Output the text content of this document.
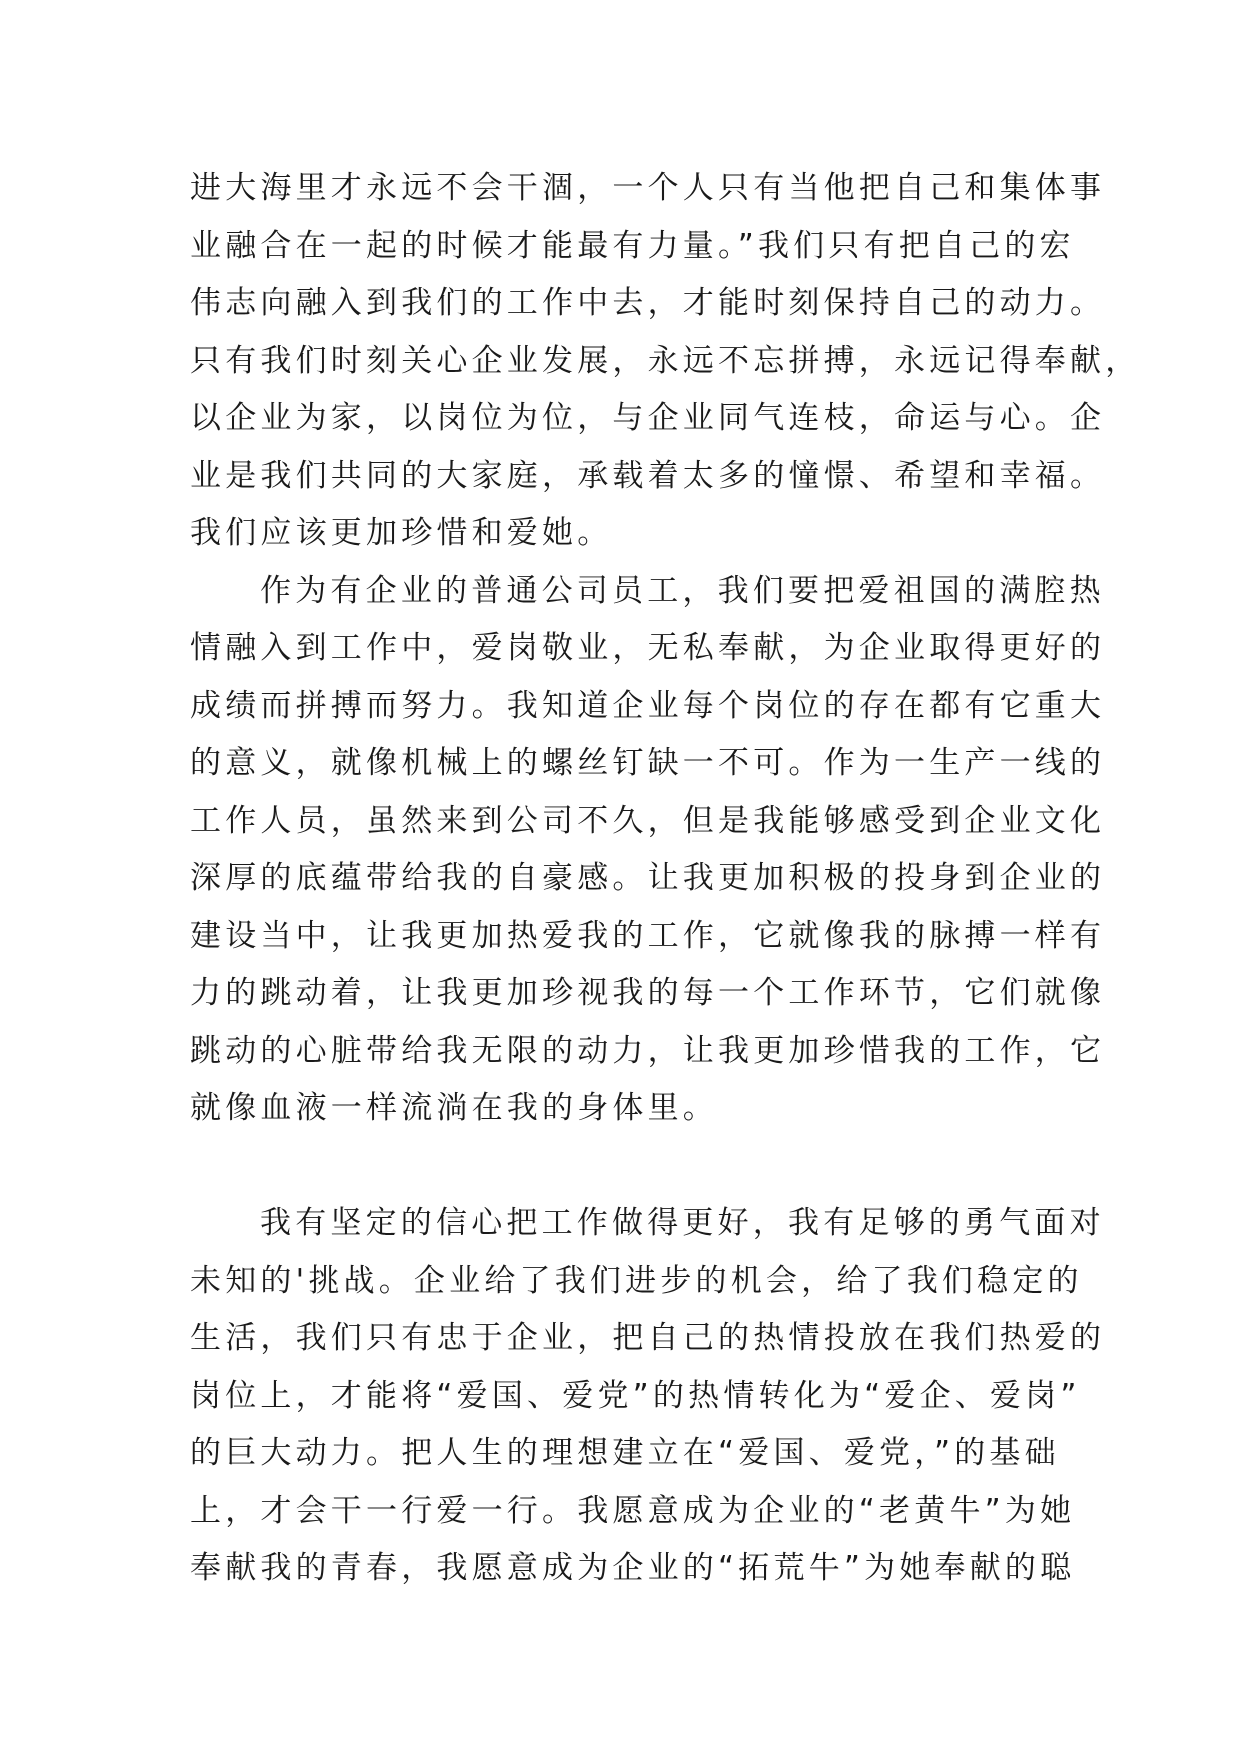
进大海里才永远不会干涸，一个人只有当他把自己和集体事
业融合在一起的时候才能最有力量。”我们只有把自己的宏
伟志向融入到我们的工作中去，才能时刻保持自己的动力。
只有我们时刻关心企业发展，永远不忘拼搏，永远记得奉献，
以企业为家，以岗位为位，与企业同气连枝，命运与心。企
业是我们共同的大家庭，承载着太多的憧憬、希望和幸福。
我们应该更加珍惜和爱她。
作为有企业的普通公司员工，我们要把爱祖国的满腔热
情融入到工作中，爱岗敬业，无私奉献，为企业取得更好的
成绩而拼搏而努力。我知道企业每个岗位的存在都有它重大
的意义，就像机械上的螺丝钉缺一不可。作为一生产一线的
工作人员，虽然来到公司不久，但是我能够感受到企业文化
深厚的底蕴带给我的自豪感。让我更加积极的投身到企业的
建设当中，让我更加热爱我的工作，它就像我的脉搏一样有
力的跳动着，让我更加珍视我的每一个工作环节，它们就像
跳动的心脏带给我无限的动力，让我更加珍惜我的工作，它
就像血液一样流淌在我的身体里。
我有坚定的信心把工作做得更好，我有足够的勇气面对
未知的'挑战。企业给了我们进步的机会，给了我们稳定的
生活，我们只有忠于企业，把自己的热情投放在我们热爱的
岗位上，才能将“爱国、爱党”的热情转化为“爱企、爱岗”
的巨大动力。把人生的理想建立在“爱国、爱党，”的基础
上，才会干一行爱一行。我愿意成为企业的“老黄牛”为她
奉献我的青春，我愿意成为企业的“拓荒牛”为她奉献的聪
